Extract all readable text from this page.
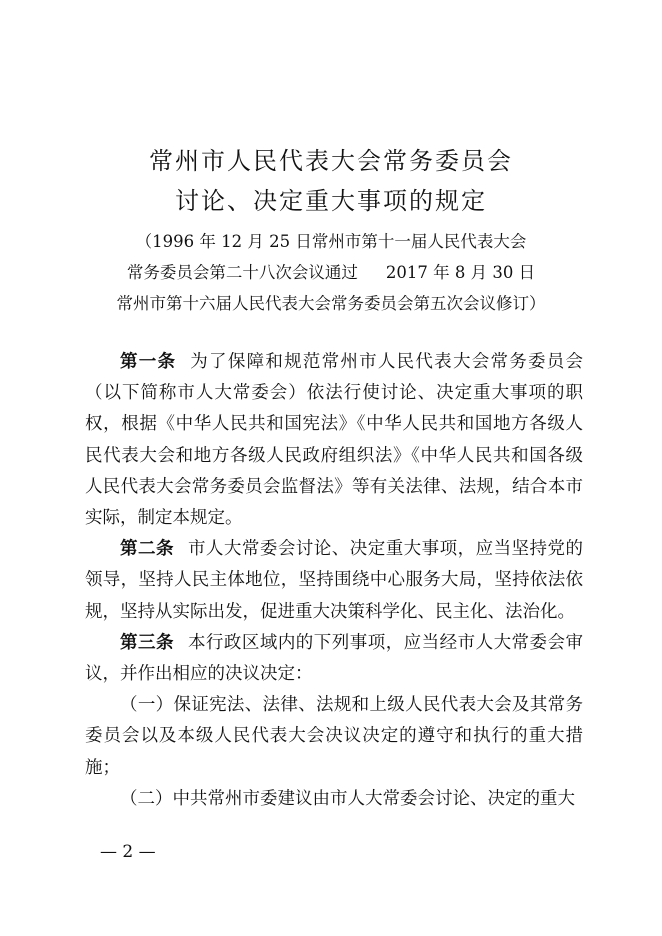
常州市人民代表大会常务委员会
讨论、决定重大事项的规定
（1996 年 12 月 25 日常州市第十一届人民代表大会
常务委员会第二十八次会议通过 2017 年 8 月 30 日
常州市第十六届人民代表大会常务委员会第五次会议修订）

第一条 为了保障和规范常州市人民代表大会常务委员会（以下简称市人大常委会）依法行使讨论、决定重大事项的职权，根据《中华人民共和国宪法》《中华人民共和国地方各级人民代表大会和地方各级人民政府组织法》《中华人民共和国各级人民代表大会常务委员会监督法》等有关法律、法规，结合本市实际，制定本规定。

第二条 市人大常委会讨论、决定重大事项，应当坚持党的领导，坚持人民主体地位，坚持围绕中心服务大局，坚持依法依规，坚持从实际出发，促进重大决策科学化、民主化、法治化。

第三条 本行政区域内的下列事项，应当经市人大常委会审议，并作出相应的决议决定：

（一）保证宪法、法律、法规和上级人民代表大会及其常务委员会以及本级人民代表大会决议决定的遵守和执行的重大措施；

（二）中共常州市委建议由市人大常委会讨论、决定的重大

— 2 —
